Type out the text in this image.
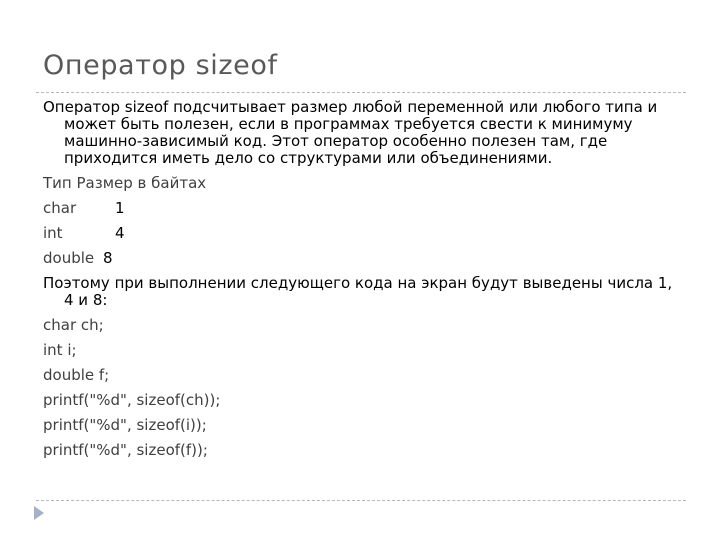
Оператор sizeof

Оператор sizeof подсчитывает размер любой переменной или любого типа и может быть полезен, если в программах требуется свести к минимуму машинно-зависимый код. Этот оператор особенно полезен там, где приходится иметь дело со структурами или объединениями.

Тип Размер в байтах

char	1
int	4
double 8

Поэтому при выполнении следующего кода на экран будут выведены числа 1, 4 и 8:

char ch;

int i;

double f;

printf("%d", sizeof(ch));

printf("%d", sizeof(i));

printf("%d", sizeof(f));
